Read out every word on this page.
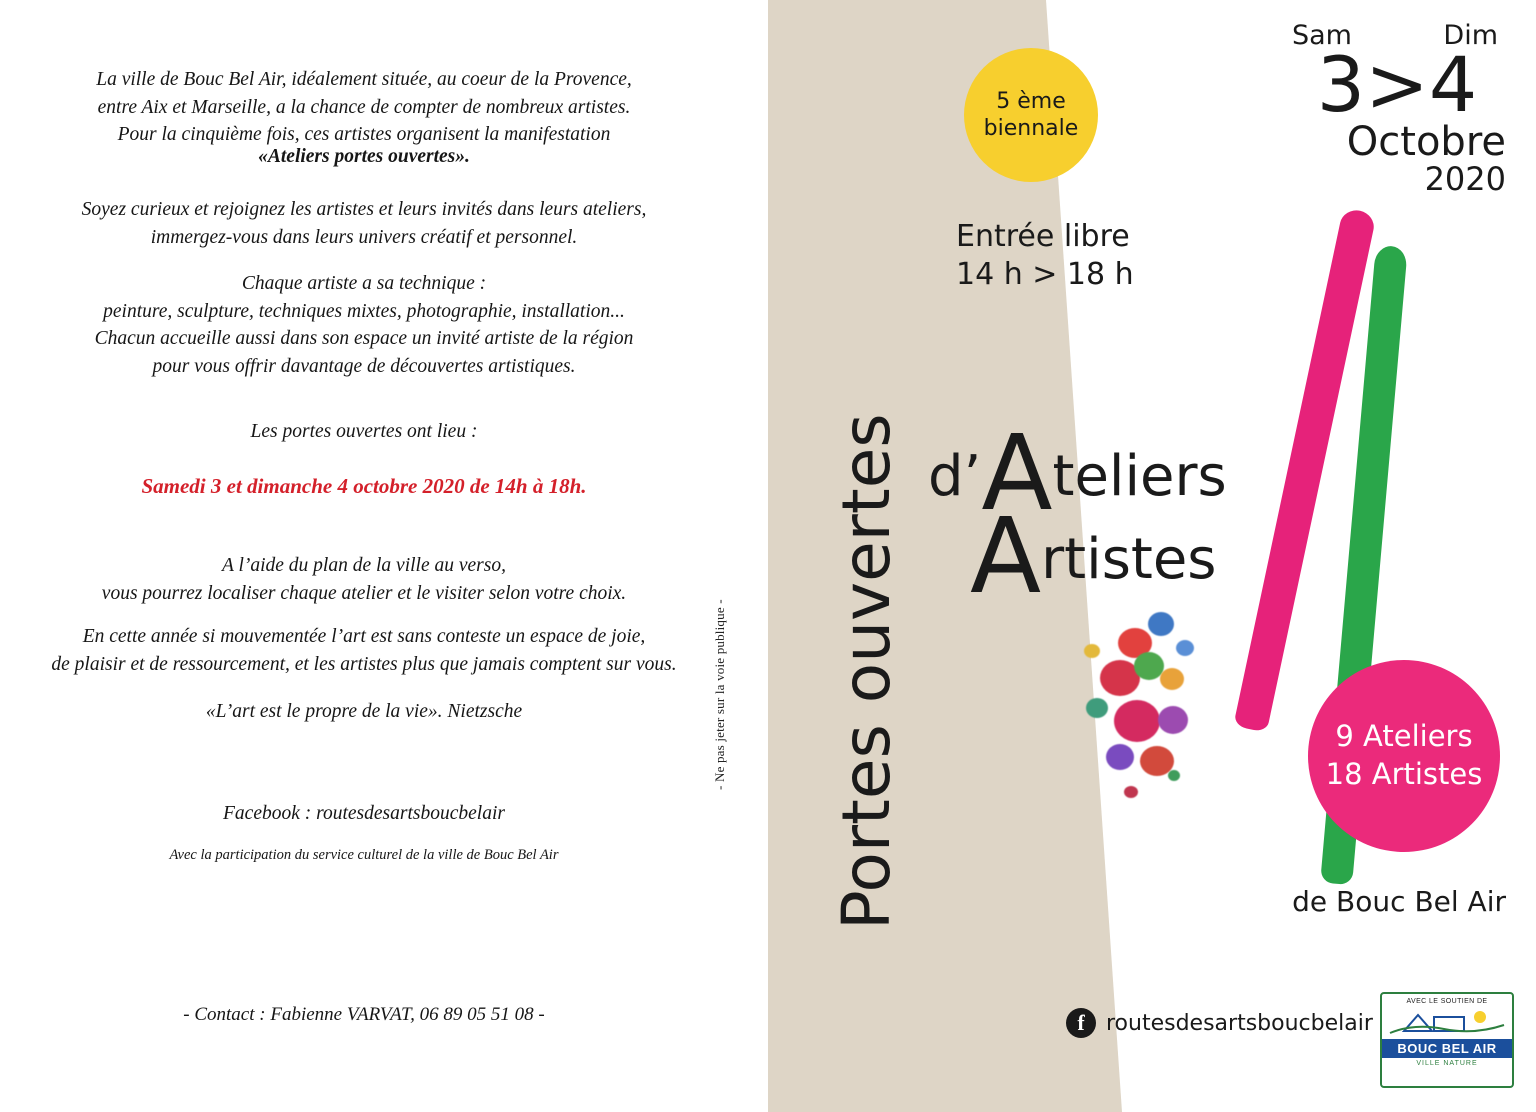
La ville de Bouc Bel Air, idéalement située, au coeur de la Provence,
entre Aix et Marseille, a la chance de compter de nombreux artistes.
Pour la cinquième fois, ces artistes organisent la manifestation
«Ateliers portes ouvertes».
Soyez curieux et rejoignez les artistes et leurs invités dans leurs ateliers,
immergez-vous dans leurs univers créatif et personnel.
Chaque artiste a sa technique :
peinture, sculpture, techniques mixtes, photographie, installation...
Chacun accueille aussi dans son espace un invité artiste de la région
pour vous offrir davantage de découvertes artistiques.
Les portes ouvertes ont lieu :
Samedi 3 et dimanche 4 octobre 2020 de 14h à 18h.
A l’aide du plan de la ville au verso,
vous pourrez localiser chaque atelier et le visiter selon votre choix.
En cette année si mouvementée l’art est sans conteste un espace de joie,
de plaisir et de ressourcement, et les artistes plus que jamais comptent sur vous.
«L’art est le propre de la vie». Nietzsche
Facebook : routesdesartsboucbelair
Avec la participation du service culturel de la ville de Bouc Bel Air
- Contact : Fabienne VARVAT, 06 89 05 51 08 -
- Ne pas jeter sur la voie publique - Portes ouvertes
5 ème
biennale
Entrée libre
14 h > 18 h
Sam	Dim
3>4
Octobre
2020
d’Ateliers
Artistes
9 Ateliers
18 Artistes
de Bouc Bel Air
f routesdesartsboucbelair
AVEC LE SOUTIEN DE
BOUC BEL AIR
VILLE NATURE
